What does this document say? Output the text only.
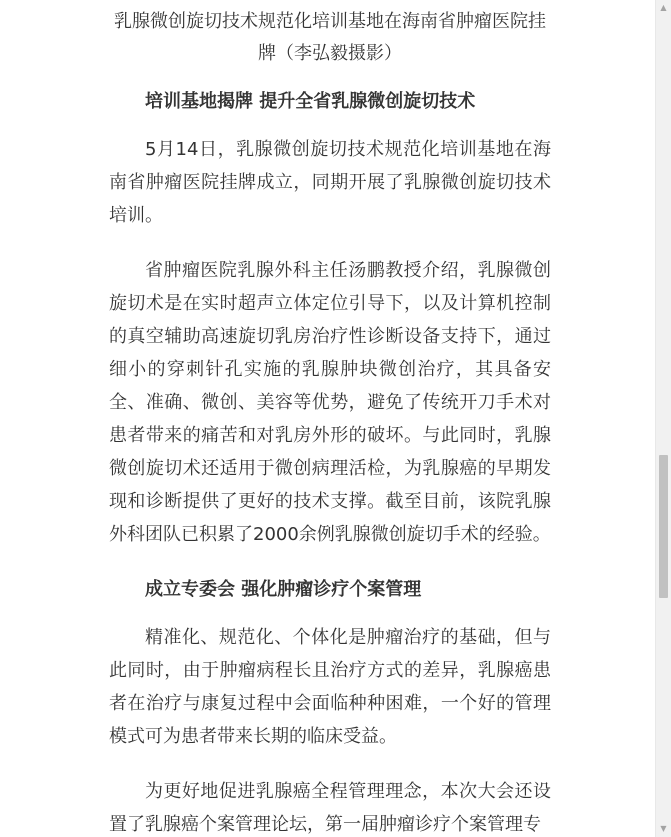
乳腺微创旋切技术规范化培训基地在海南省肿瘤医院挂牌（李弘毅摄影）

培训基地揭牌 提升全省乳腺微创旋切技术

5月14日，乳腺微创旋切技术规范化培训基地在海南省肿瘤医院挂牌成立，同期开展了乳腺微创旋切技术培训。

省肿瘤医院乳腺外科主任汤鹏教授介绍，乳腺微创旋切术是在实时超声立体定位引导下，以及计算机控制的真空辅助高速旋切乳房治疗性诊断设备支持下，通过细小的穿刺针孔实施的乳腺肿块微创治疗，其具备安全、准确、微创、美容等优势，避免了传统开刀手术对患者带来的痛苦和对乳房外形的破坏。与此同时，乳腺微创旋切术还适用于微创病理活检，为乳腺癌的早期发现和诊断提供了更好的技术支撑。截至目前，该院乳腺外科团队已积累了2000余例乳腺微创旋切手术的经验。

成立专委会 强化肿瘤诊疗个案管理

精准化、规范化、个体化是肿瘤治疗的基础，但与此同时，由于肿瘤病程长且治疗方式的差异，乳腺癌患者在治疗与康复过程中会面临种种困难，一个好的管理模式可为患者带来长期的临床受益。

为更好地促进乳腺癌全程管理理念，本次大会还设置了乳腺癌个案管理论坛，第一届肿瘤诊疗个案管理专

▲
▼
